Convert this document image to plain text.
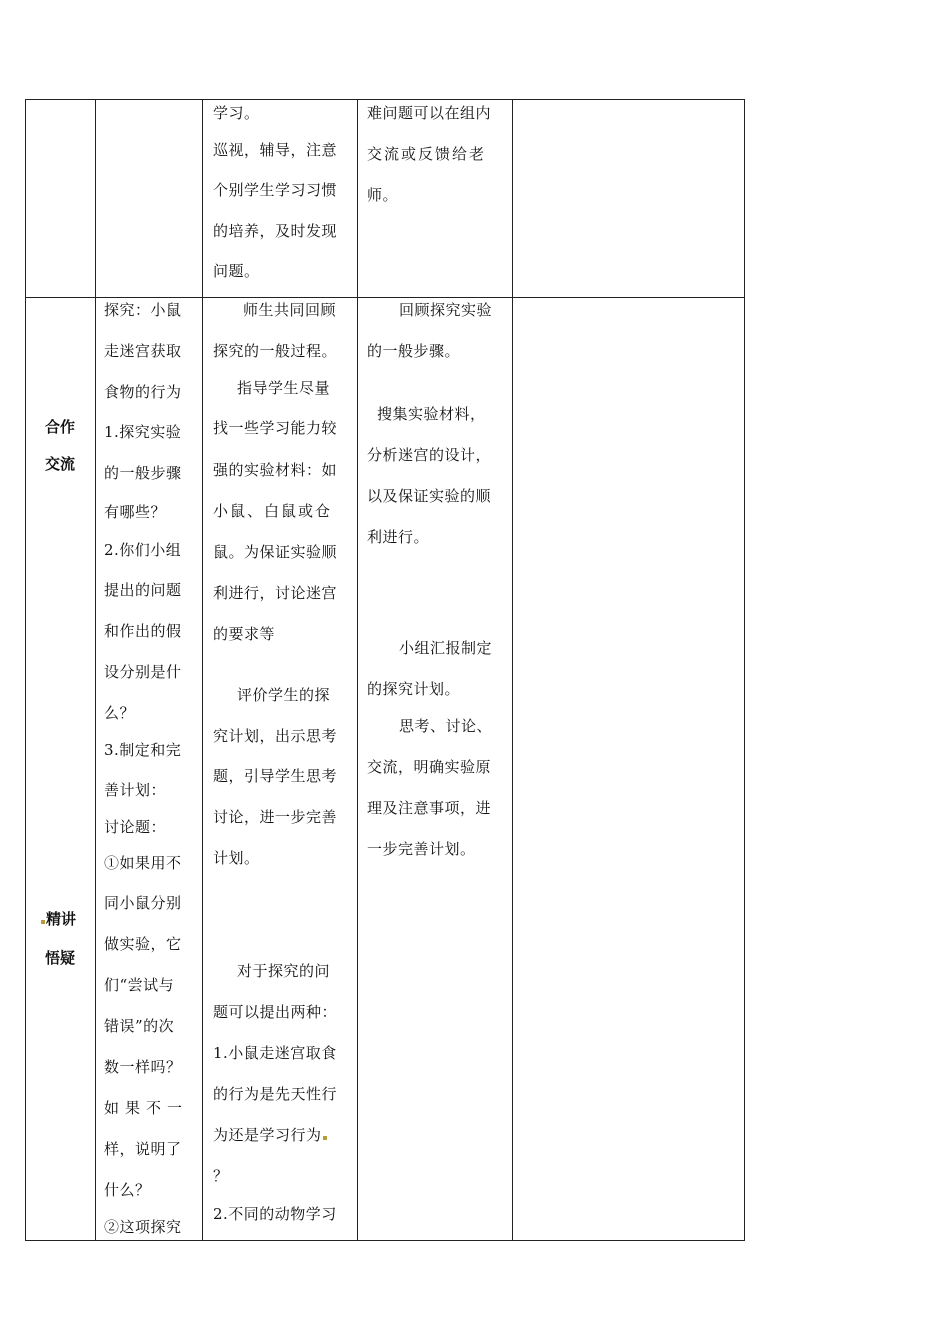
学习。
巡视，辅导，注意
个别学生学习习惯
的培养，及时发现
问题。
难问题可以在组内
交流或反馈给老
师。
合作
交流
精讲
悟疑
探究：小鼠
走迷宫获取
食物的行为
1.探究实验
的一般步骤
有哪些？
2.你们小组
提出的问题
和作出的假
设分别是什
么？
3.制定和完
善计划：
讨论题：
①如果用不
同小鼠分别
做实验，它
们“尝试与
错误”的次
数一样吗？
如果不一
样，说明了
什么？
②这项探究
师生共同回顾
探究的一般过程。
指导学生尽量
找一些学习能力较
强的实验材料：如
小鼠、白鼠或仓
鼠。为保证实验顺
利进行，讨论迷宫
的要求等
评价学生的探
究计划，出示思考
题，引导学生思考
讨论，进一步完善
计划。
对于探究的问
题可以提出两种：
1.小鼠走迷宫取食
的行为是先天性行
为还是学习行为
？
2.不同的动物学习
回顾探究实验
的一般步骤。
搜集实验材料，
分析迷宫的设计，
以及保证实验的顺
利进行。
小组汇报制定
的探究计划。
思考、讨论、
交流，明确实验原
理及注意事项，进
一步完善计划。
